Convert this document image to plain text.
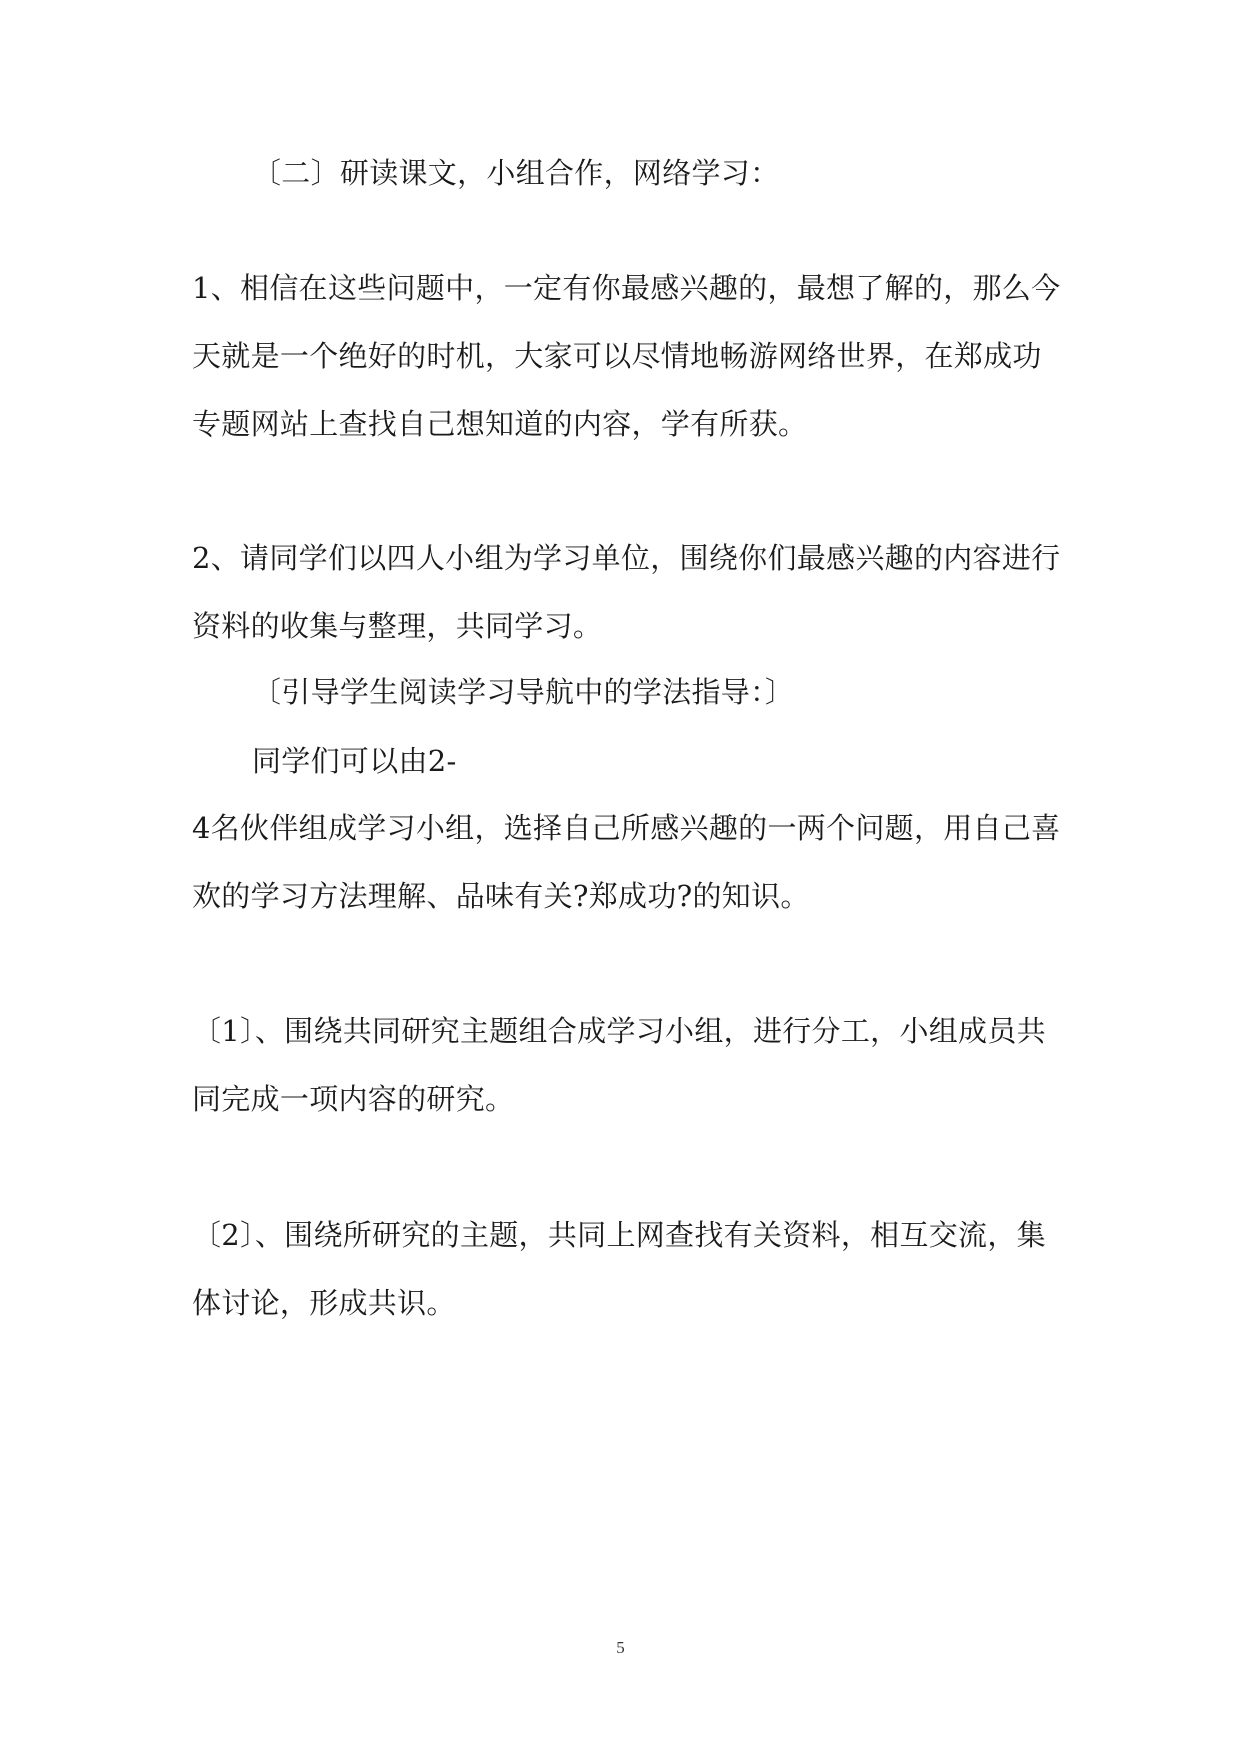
〔二〕研读课文，小组合作，网络学习：
1、相信在这些问题中，一定有你最感兴趣的，最想了解的，那么今
天就是一个绝好的时机，大家可以尽情地畅游网络世界，在郑成功
专题网站上查找自己想知道的内容，学有所获。
2、请同学们以四人小组为学习单位，围绕你们最感兴趣的内容进行
资料的收集与整理，共同学习。
〔引导学生阅读学习导航中的学法指导：〕
同学们可以由2-
4名伙伴组成学习小组，选择自己所感兴趣的一两个问题，用自己喜
欢的学习方法理解、品味有关?郑成功?的知识。
〔1〕、围绕共同研究主题组合成学习小组，进行分工，小组成员共
同完成一项内容的研究。
〔2〕、围绕所研究的主题，共同上网查找有关资料，相互交流，集
体讨论，形成共识。
5
